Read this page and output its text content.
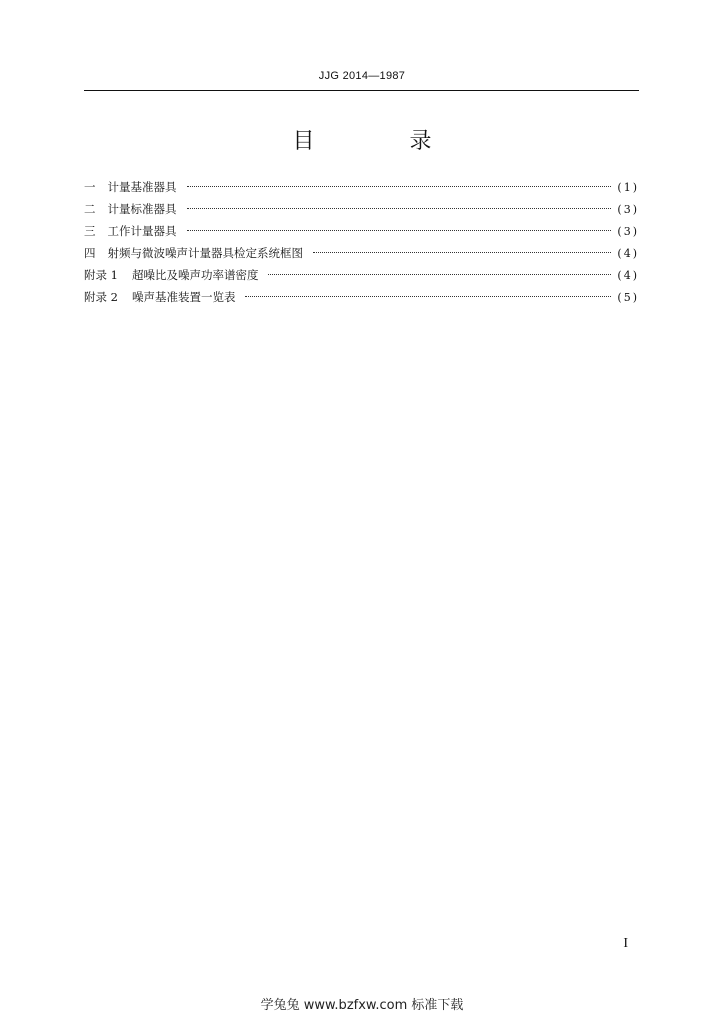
JJG 2014—1987
目 录
一 计量基准器具	(1)
二 计量标准器具	(3)
三 工作计量器具	(3)
四 射频与微波噪声计量器具检定系统框图	(4)
附录 1 超噪比及噪声功率谱密度	(4)
附录 2 噪声基准装置一览表	(5)
I
学兔兔 www.bzfxw.com 标准下载
